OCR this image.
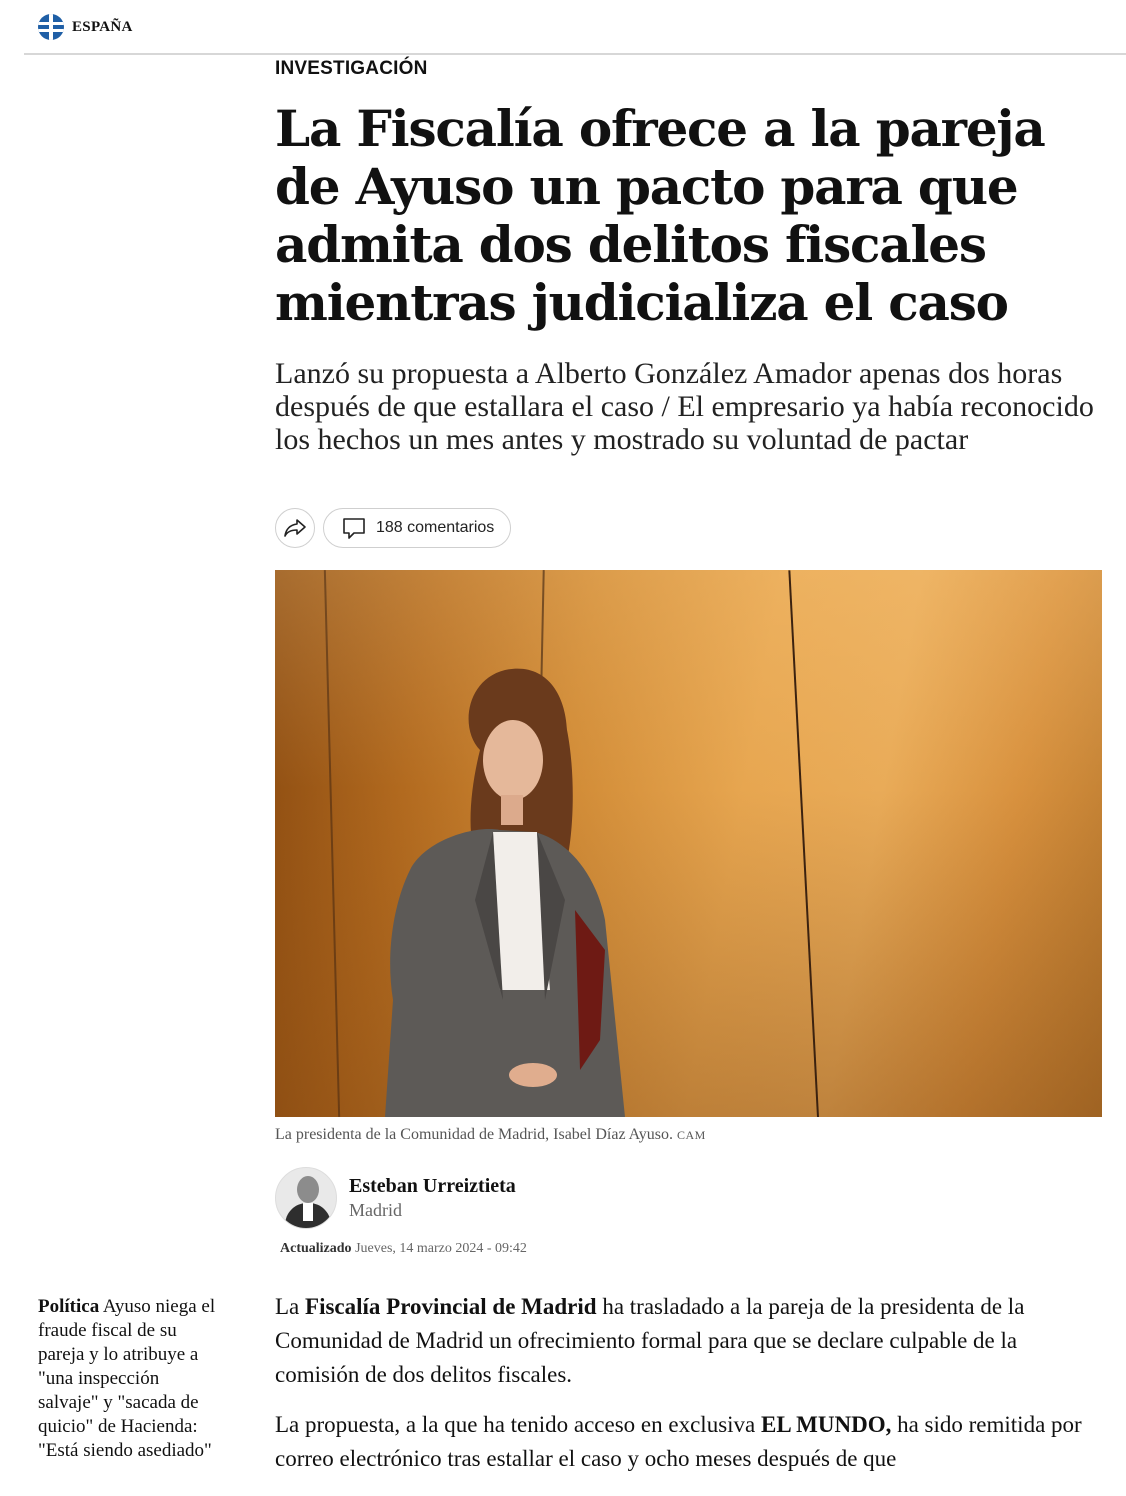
ESPAÑA
INVESTIGACIÓN
La Fiscalía ofrece a la pareja de Ayuso un pacto para que admita dos delitos fiscales mientras judicializa el caso

Lanzó su propuesta a Alberto González Amador apenas dos horas después de que estallara el caso / El empresario ya había reconocido los hechos un mes antes y mostrado su voluntad de pactar

188 comentarios
La presidenta de la Comunidad de Madrid, Isabel Díaz Ayuso. CAM
Esteban Urreiztieta
Madrid
Actualizado Jueves, 14 marzo 2024 - 09:42
Política Ayuso niega el fraude fiscal de su pareja y lo atribuye a "una inspección salvaje" y "sacada de quicio" de Hacienda: "Está siendo asediado"

La Fiscalía Provincial de Madrid ha trasladado a la pareja de la presidenta de la Comunidad de Madrid un ofrecimiento formal para que se declare culpable de la comisión de dos delitos fiscales.

La propuesta, a la que ha tenido acceso en exclusiva EL MUNDO, ha sido remitida por correo electrónico tras estallar el caso y ocho meses después de que
